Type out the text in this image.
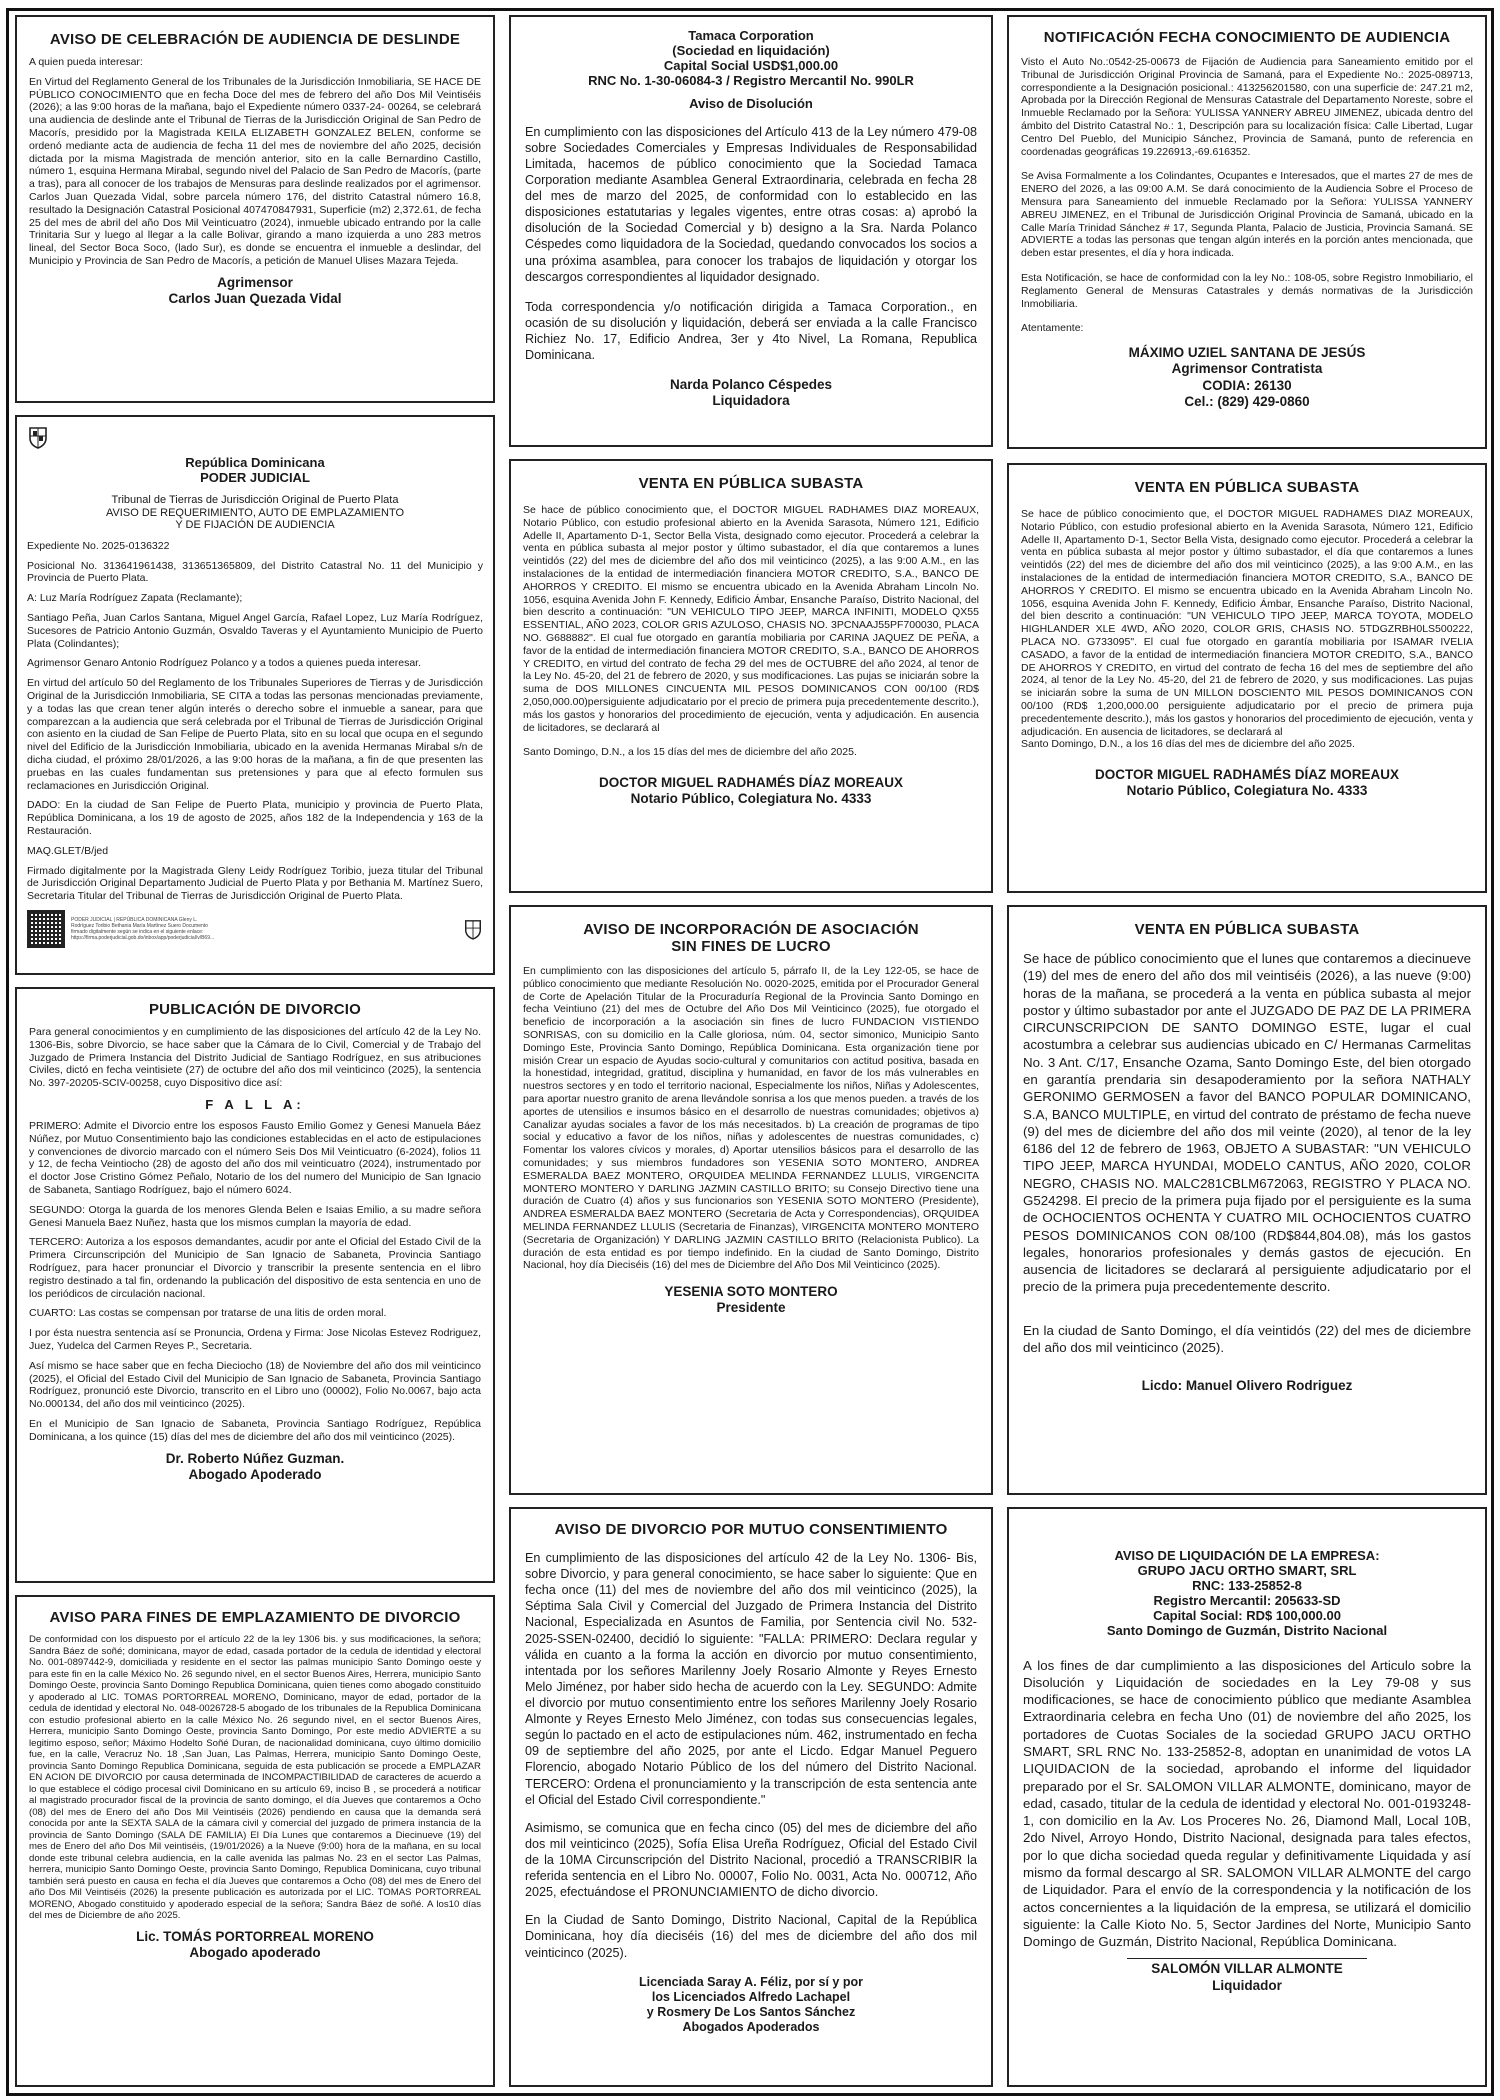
AVISO DE CELEBRACIÓN DE AUDIENCIA DE DESLINDE

A quien pueda interesar:

En Virtud del Reglamento General de los Tribunales de la Jurisdicción Inmobiliaria, SE HACE DE PÚBLICO CONOCIMIENTO que en fecha Doce del mes de febrero del año Dos Mil Veintiséis (2026); a las 9:00 horas de la mañana, bajo el Expediente número 0337-24- 00264, se celebrará una audiencia de deslinde ante el Tribunal de Tierras de la Jurisdicción Original de San Pedro de Macorís, presidido por la Magistrada KEILA ELIZABETH GONZALEZ BELEN, conforme se ordenó mediante acta de audiencia de fecha 11 del mes de noviembre del año 2025, decisión dictada por la misma Magistrada de mención anterior, sito en la calle Bernardino Castillo, número 1, esquina Hermana Mirabal, segundo nivel del Palacio de San Pedro de Macorís, (parte a tras), para all conocer de los trabajos de Mensuras para deslinde realizados por el agrimensor. Carlos Juan Quezada Vidal, sobre parcela número 176, del distrito Catastral número 16.8, resultado la Designación Catastral Posicional 407470847931, Superficie (m2) 2,372.61, de fecha 25 del mes de abril del año Dos Mil Veinticuatro (2024), inmueble ubicado entrando por la calle Trinitaria Sur y luego al llegar a la calle Bolivar, girando a mano izquierda a uno 283 metros lineal, del Sector Boca Soco, (lado Sur), es donde se encuentra el inmueble a deslindar, del Municipio y Provincia de San Pedro de Macorís, a petición de Manuel Ulises Mazara Tejeda.

Agrimensor
Carlos Juan Quezada Vidal
República Dominicana
PODER JUDICIAL
Tribunal de Tierras de Jurisdicción Original de Puerto Plata
AVISO DE REQUERIMIENTO, AUTO DE EMPLAZAMIENTO
Y DE FIJACIÓN DE AUDIENCIA

Expediente No. 2025-0136322

Posicional No. 313641961438, 313651365809, del Distrito Catastral No. 11 del Municipio y Provincia de Puerto Plata.

A: Luz María Rodríguez Zapata (Reclamante);

Santiago Peña, Juan Carlos Santana, Miguel Angel García, Rafael Lopez, Luz María Rodríguez, Sucesores de Patricio Antonio Guzmán, Osvaldo Taveras y el Ayuntamiento Municipio de Puerto Plata (Colindantes);

Agrimensor Genaro Antonio Rodríguez Polanco y a todos a quienes pueda interesar.

En virtud del artículo 50 del Reglamento de los Tribunales Superiores de Tierras y de Jurisdicción Original de la Jurisdicción Inmobiliaria, SE CITA a todas las personas mencionadas previamente, y a todas las que crean tener algún interés o derecho sobre el inmueble a sanear, para que comparezcan a la audiencia que será celebrada por el Tribunal de Tierras de Jurisdicción Original con asiento en la ciudad de San Felipe de Puerto Plata, sito en su local que ocupa en el segundo nivel del Edificio de la Jurisdicción Inmobiliaria, ubicado en la avenida Hermanas Mirabal s/n de dicha ciudad, el próximo 28/01/2026, a las 9:00 horas de la mañana, a fin de que presenten las pruebas en las cuales fundamentan sus pretensiones y para que al efecto formulen sus reclamaciones en Jurisdicción Original.

DADO: En la ciudad de San Felipe de Puerto Plata, municipio y provincia de Puerto Plata, República Dominicana, a los 19 de agosto de 2025, años 182 de la Independencia y 163 de la Restauración.

MAQ.GLET/B/jed

Firmado digitalmente por la Magistrada Gleny Leidy Rodríguez Toribio, jueza titular del Tribunal de Jurisdicción Original Departamento Judicial de Puerto Plata y por Bethania M. Martínez Suero, Secretaria Titular del Tribunal de Tierras de Jurisdicción Original de Puerto Plata.

PODER JUDICIAL | REPÚBLICA DOMINICANA Gleny L. Rodríguez Toribio Bethania María Martínez Suero Documento firmado digitalmente según se indica en el siguiente enlace: https://firma.poderjudicial.gob.do/inbox/app/poderjudicial/v/B69...
PUBLICACIÓN DE DIVORCIO

Para general conocimientos y en cumplimiento de las disposiciones del artículo 42 de la Ley No. 1306-Bis, sobre Divorcio, se hace saber que la Cámara de lo Civil, Comercial y de Trabajo del Juzgado de Primera Instancia del Distrito Judicial de Santiago Rodríguez, en sus atribuciones Civiles, dictó en fecha veintisiete (27) de octubre del año dos mil veinticinco (2025), la sentencia No. 397-20205-SCIV-00258, cuyo Dispositivo dice así:

F A L L A:

PRIMERO: Admite el Divorcio entre los esposos Fausto Emilio Gomez y Genesi Manuela Báez Núñez, por Mutuo Consentimiento bajo las condiciones establecidas en el acto de estipulaciones y convenciones de divorcio marcado con el número Seis Dos Mil Veinticuatro (6-2024), folios 11 y 12, de fecha Veintiocho (28) de agosto del año dos mil veinticuatro (2024), instrumentado por el doctor Jose Cristino Gómez Peñalo, Notario de los del numero del Municipio de San Ignacio de Sabaneta, Santiago Rodríguez, bajo el número 6024.

SEGUNDO: Otorga la guarda de los menores Glenda Belen e Isaias Emilio, a su madre señora Genesi Manuela Baez Nuñez, hasta que los mismos cumplan la mayoría de edad.

TERCERO: Autoriza a los esposos demandantes, acudir por ante el Oficial del Estado Civil de la Primera Circunscripción del Municipio de San Ignacio de Sabaneta, Provincia Santiago Rodríguez, para hacer pronunciar el Divorcio y transcribir la presente sentencia en el libro registro destinado a tal fin, ordenando la publicación del dispositivo de esta sentencia en uno de los periódicos de circulación nacional.

CUARTO: Las costas se compensan por tratarse de una litis de orden moral.

I por ésta nuestra sentencia así se Pronuncia, Ordena y Firma: Jose Nicolas Estevez Rodriguez, Juez, Yudelca del Carmen Reyes P., Secretaria.

Así mismo se hace saber que en fecha Dieciocho (18) de Noviembre del año dos mil veinticinco (2025), el Oficial del Estado Civil del Municipio de San Ignacio de Sabaneta, Provincia Santiago Rodríguez, pronunció este Divorcio, transcrito en el Libro uno (00002), Folio No.0067, bajo acta No.000134, del año dos mil veinticinco (2025).

En el Municipio de San Ignacio de Sabaneta, Provincia Santiago Rodríguez, República Dominicana, a los quince (15) días del mes de diciembre del año dos mil veinticinco (2025).

Dr. Roberto Núñez Guzman.
Abogado Apoderado
AVISO PARA FINES DE EMPLAZAMIENTO DE DIVORCIO

De conformidad con los dispuesto por el artículo 22 de la ley 1306 bis. y sus modificaciones, la señora; Sandra Báez de soñé; dominicana, mayor de edad, casada portador de la cedula de identidad y electoral No. 001-0897442-9, domiciliada y residente en el sector las palmas municipio Santo Domingo oeste y para este fin en la calle México No. 26 segundo nivel, en el sector Buenos Aires, Herrera, municipio Santo Domingo Oeste, provincia Santo Domingo Republica Dominicana, quien tienes como abogado constituido y apoderado al LIC. TOMAS PORTORREAL MORENO, Dominicano, mayor de edad, portador de la cedula de identidad y electoral No. 048-0026728-5 abogado de los tribunales de la Republica Dominicana con estudio profesional abierto en la calle México No. 26 segundo nivel, en el sector Buenos Aires, Herrera, municipio Santo Domingo Oeste, provincia Santo Domingo, Por este medio ADVIERTE a su legitimo esposo, señor; Máximo Hodelto Soñé Duran, de nacionalidad dominicana, cuyo último domicilio fue, en la calle, Veracruz No. 18 ,San Juan, Las Palmas, Herrera, municipio Santo Domingo Oeste, provincia Santo Domingo Republica Dominicana, seguida de esta publicación se procede a EMPLAZAR EN ACION DE DIVORCIO por causa determinada de INCOMPACTIBILIDAD de caracteres de acuerdo a lo que establece el código procesal civil Dominicano en su artículo 69, inciso B , se procederá a notificar al magistrado procurador fiscal de la provincia de santo domingo, el día Jueves que contaremos a Ocho (08) del mes de Enero del año Dos Mil Veintiséis (2026) pendiendo en causa que la demanda será conocida por ante la SEXTA SALA de la cámara civil y comercial del juzgado de primera instancia de la provincia de Santo Domingo (SALA DE FAMILIA) El Día Lunes que contaremos a Diecinueve (19) del mes de Enero del año Dos Mil veintiséis, (19/01/2026) a la Nueve (9:00) hora de la mañana, en su local donde este tribunal celebra audiencia, en la calle avenida las palmas No. 23 en el sector Las Palmas, herrera, municipio Santo Domingo Oeste, provincia Santo Domingo, Republica Dominicana, cuyo tribunal también será puesto en causa en fecha el día Jueves que contaremos a Ocho (08) del mes de Enero del año Dos Mil Veintiséis (2026) la presente publicación es autorizada por el LIC. TOMAS PORTORREAL MORENO, Abogado constituido y apoderado especial de la señora; Sandra Báez de soñé. A los10 días del mes de Diciembre de año 2025.

Lic. TOMÁS PORTORREAL MORENO
Abogado apoderado
Tamaca Corporation
(Sociedad en liquidación)
Capital Social USD$1,000.00
RNC No. 1-30-06084-3 / Registro Mercantil No. 990LR
Aviso de Disolución

En cumplimiento con las disposiciones del Artículo 413 de la Ley número 479-08 sobre Sociedades Comerciales y Empresas Individuales de Responsabilidad Limitada, hacemos de público conocimiento que la Sociedad Tamaca Corporation mediante Asamblea General Extraordinaria, celebrada en fecha 28 del mes de marzo del 2025, de conformidad con lo establecido en las disposiciones estatutarias y legales vigentes, entre otras cosas: a) aprobó la disolución de la Sociedad Comercial y b) designo a la Sra. Narda Polanco Céspedes como liquidadora de la Sociedad, quedando convocados los socios a una próxima asamblea, para conocer los trabajos de liquidación y otorgar los descargos correspondientes al liquidador designado.

Toda correspondencia y/o notificación dirigida a Tamaca Corporation., en ocasión de su disolución y liquidación, deberá ser enviada a la calle Francisco Richiez No. 17, Edificio Andrea, 3er y 4to Nivel, La Romana, Republica Dominicana.

Narda Polanco Céspedes
Liquidadora
VENTA EN PÚBLICA SUBASTA

Se hace de público conocimiento que, el DOCTOR MIGUEL RADHAMES DIAZ MOREAUX, Notario Público, con estudio profesional abierto en la Avenida Sarasota, Número 121, Edificio Adelle II, Apartamento D-1, Sector Bella Vista, designado como ejecutor. Procederá a celebrar la venta en pública subasta al mejor postor y último subastador, el día que contaremos a lunes veintidós (22) del mes de diciembre del año dos mil veinticinco (2025), a las 9:00 A.M., en las instalaciones de la entidad de intermediación financiera MOTOR CREDITO, S.A., BANCO DE AHORROS Y CREDITO. El mismo se encuentra ubicado en la Avenida Abraham Lincoln No. 1056, esquina Avenida John F. Kennedy, Edificio Ámbar, Ensanche Paraíso, Distrito Nacional, del bien descrito a continuación: "UN VEHICULO TIPO JEEP, MARCA INFINITI, MODELO QX55 ESSENTIAL, AÑO 2023, COLOR GRIS AZULOSO, CHASIS NO. 3PCNAAJ55PF700030, PLACA NO. G688882". El cual fue otorgado en garantía mobiliaria por CARINA JAQUEZ DE PEÑA, a favor de la entidad de intermediación financiera MOTOR CREDITO, S.A., BANCO DE AHORROS Y CREDITO, en virtud del contrato de fecha 29 del mes de OCTUBRE del año 2024, al tenor de la Ley No. 45-20, del 21 de febrero de 2020, y sus modificaciones. Las pujas se iniciarán sobre la suma de DOS MILLONES CINCUENTA MIL PESOS DOMINICANOS CON 00/100 (RD$ 2,050,000.00)persiguiente adjudicatario por el precio de primera puja precedentemente descrito.), más los gastos y honorarios del procedimiento de ejecución, venta y adjudicación. En ausencia de licitadores, se declarará al

Santo Domingo, D.N., a los 15 días del mes de diciembre del año 2025.

DOCTOR MIGUEL RADHAMÉS DÍAZ MOREAUX
Notario Público, Colegiatura No. 4333
AVISO DE INCORPORACIÓN DE ASOCIACIÓN
SIN FINES DE LUCRO

En cumplimiento con las disposiciones del artículo 5, párrafo II, de la Ley 122-05, se hace de público conocimiento que mediante Resolución No. 0020-2025, emitida por el Procurador General de Corte de Apelación Titular de la Procuraduría Regional de la Provincia Santo Domingo en fecha Veintiuno (21) del mes de Octubre del Año Dos Mil Veinticinco (2025), fue otorgado el beneficio de incorporación a la asociación sin fines de lucro FUNDACION VISTIENDO SONRISAS, con su domicilio en la Calle gloriosa, núm. 04, sector simonico, Municipio Santo Domingo Este, Provincia Santo Domingo, República Dominicana. Esta organización tiene por misión Crear un espacio de Ayudas socio-cultural y comunitarios con actitud positiva, basada en la honestidad, integridad, gratitud, disciplina y humanidad, en favor de los más vulnerables en nuestros sectores y en todo el territorio nacional, Especialmente los niños, Niñas y Adolescentes, para aportar nuestro granito de arena llevándole sonrisa a los que menos pueden. a través de los aportes de utensilios e insumos básico en el desarrollo de nuestras comunidades; objetivos a) Canalizar ayudas sociales a favor de los más necesitados. b) La creación de programas de tipo social y educativo a favor de los niños, niñas y adolescentes de nuestras comunidades, c) Fomentar los valores cívicos y morales, d) Aportar utensilios básicos para el desarrollo de las comunidades; y sus miembros fundadores son YESENIA SOTO MONTERO, ANDREA ESMERALDA BAEZ MONTERO, ORQUIDEA MELINDA FERNANDEZ LLULIS, VIRGENCITA MONTERO MONTERO Y DARLING JAZMIN CASTILLO BRITO; su Consejo Directivo tiene una duración de Cuatro (4) años y sus funcionarios son YESENIA SOTO MONTERO (Presidente), ANDREA ESMERALDA BAEZ MONTERO (Secretaria de Acta y Correspondencias), ORQUIDEA MELINDA FERNANDEZ LLULIS (Secretaria de Finanzas), VIRGENCITA MONTERO MONTERO (Secretaria de Organización) Y DARLING JAZMIN CASTILLO BRITO (Relacionista Publico). La duración de esta entidad es por tiempo indefinido. En la ciudad de Santo Domingo, Distrito Nacional, hoy día Dieciséis (16) del mes de Diciembre del Año Dos Mil Veinticinco (2025).

YESENIA SOTO MONTERO
Presidente
AVISO DE DIVORCIO POR MUTUO CONSENTIMIENTO

En cumplimiento de las disposiciones del artículo 42 de la Ley No. 1306- Bis, sobre Divorcio, y para general conocimiento, se hace saber lo siguiente: Que en fecha once (11) del mes de noviembre del año dos mil veinticinco (2025), la Séptima Sala Civil y Comercial del Juzgado de Primera Instancia del Distrito Nacional, Especializada en Asuntos de Familia, por Sentencia civil No. 532- 2025-SSEN-02400, decidió lo siguiente: "FALLA: PRIMERO: Declara regular y válida en cuanto a la forma la acción en divorcio por mutuo consentimiento, intentada por los señores Marilenny Joely Rosario Almonte y Reyes Ernesto Melo Jiménez, por haber sido hecha de acuerdo con la Ley. SEGUNDO: Admite el divorcio por mutuo consentimiento entre los señores Marilenny Joely Rosario Almonte y Reyes Ernesto Melo Jiménez, con todas sus consecuencias legales, según lo pactado en el acto de estipulaciones núm. 462, instrumentado en fecha 09 de septiembre del año 2025, por ante el Licdo. Edgar Manuel Peguero Florencio, abogado Notario Público de los del número del Distrito Nacional. TERCERO: Ordena el pronunciamiento y la transcripción de esta sentencia ante el Oficial del Estado Civil correspondiente."

Asimismo, se comunica que en fecha cinco (05) del mes de diciembre del año dos mil veinticinco (2025), Sofía Elisa Ureña Rodríguez, Oficial del Estado Civil de la 10MA Circunscripción del Distrito Nacional, procedió a TRANSCRIBIR la referida sentencia en el Libro No. 00007, Folio No. 0031, Acta No. 000712, Año 2025, efectuándose el PRONUNCIAMIENTO de dicho divorcio.

En la Ciudad de Santo Domingo, Distrito Nacional, Capital de la República Dominicana, hoy día dieciséis (16) del mes de diciembre del año dos mil veinticinco (2025).

Licenciada Saray A. Féliz, por sí y por
los Licenciados Alfredo Lachapel
y Rosmery De Los Santos Sánchez
Abogados Apoderados
NOTIFICACIÓN FECHA CONOCIMIENTO DE AUDIENCIA

Visto el Auto No.:0542-25-00673 de Fijación de Audiencia para Saneamiento emitido por el Tribunal de Jurisdicción Original Provincia de Samaná, para el Expediente No.: 2025-089713, correspondiente a la Designación posicional.: 413256201580, con una superficie de: 247.21 m2, Aprobada por la Dirección Regional de Mensuras Catastrale del Departamento Noreste, sobre el Inmueble Reclamado por la Señora: YULISSA YANNERY ABREU JIMENEZ, ubicada dentro del ámbito del Distrito Catastral No.: 1, Descripción para su localización física: Calle Libertad, Lugar Centro Del Pueblo, del Municipio Sánchez, Provincia de Samaná, punto de referencia en coordenadas geográficas 19.226913,-69.616352.

Se Avisa Formalmente a los Colindantes, Ocupantes e Interesados, que el martes 27 de mes de ENERO del 2026, a las 09:00 A.M. Se dará conocimiento de la Audiencia Sobre el Proceso de Mensura para Saneamiento del inmueble Reclamado por la Señora: YULISSA YANNERY ABREU JIMENEZ, en el Tribunal de Jurisdicción Original Provincia de Samaná, ubicado en la Calle María Trinidad Sánchez # 17, Segunda Planta, Palacio de Justicia, Provincia Samaná. SE ADVIERTE a todas las personas que tengan algún interés en la porción antes mencionada, que deben estar presentes, el día y hora indicada.

Esta Notificación, se hace de conformidad con la ley No.: 108-05, sobre Registro Inmobiliario, el Reglamento General de Mensuras Catastrales y demás normativas de la Jurisdicción Inmobiliaria.

Atentamente:

MÁXIMO UZIEL SANTANA DE JESÚS
Agrimensor Contratista
CODIA: 26130
Cel.: (829) 429-0860
VENTA EN PÚBLICA SUBASTA

Se hace de público conocimiento que, el DOCTOR MIGUEL RADHAMES DIAZ MOREAUX, Notario Público, con estudio profesional abierto en la Avenida Sarasota, Número 121, Edificio Adelle II, Apartamento D-1, Sector Bella Vista, designado como ejecutor. Procederá a celebrar la venta en pública subasta al mejor postor y último subastador, el día que contaremos a lunes veintidós (22) del mes de diciembre del año dos mil veinticinco (2025), a las 9:00 A.M., en las instalaciones de la entidad de intermediación financiera MOTOR CREDITO, S.A., BANCO DE AHORROS Y CREDITO. El mismo se encuentra ubicado en la Avenida Abraham Lincoln No. 1056, esquina Avenida John F. Kennedy, Edificio Ámbar, Ensanche Paraíso, Distrito Nacional, del bien descrito a continuación: "UN VEHICULO TIPO JEEP, MARCA TOYOTA, MODELO HIGHLANDER XLE 4WD, AÑO 2020, COLOR GRIS, CHASIS NO. 5TDGZRBH0LS500222, PLACA NO. G733095". El cual fue otorgado en garantía mobiliaria por ISAMAR IVELIA CASADO, a favor de la entidad de intermediación financiera MOTOR CREDITO, S.A., BANCO DE AHORROS Y CREDITO, en virtud del contrato de fecha 16 del mes de septiembre del año 2024, al tenor de la Ley No. 45-20, del 21 de febrero de 2020, y sus modificaciones. Las pujas se iniciarán sobre la suma de UN MILLON DOSCIENTO MIL PESOS DOMINICANOS CON 00/100 (RD$ 1,200,000.00 persiguiente adjudicatario por el precio de primera puja precedentemente descrito.), más los gastos y honorarios del procedimiento de ejecución, venta y adjudicación. En ausencia de licitadores, se declarará al

Santo Domingo, D.N., a los 16 días del mes de diciembre del año 2025.

DOCTOR MIGUEL RADHAMÉS DÍAZ MOREAUX
Notario Público, Colegiatura No. 4333
VENTA EN PÚBLICA SUBASTA

Se hace de público conocimiento que el lunes que contaremos a diecinueve (19) del mes de enero del año dos mil veintiséis (2026), a las nueve (9:00) horas de la mañana, se procederá a la venta en pública subasta al mejor postor y último subastador por ante el JUZGADO DE PAZ DE LA PRIMERA CIRCUNSCRIPCION DE SANTO DOMINGO ESTE, lugar el cual acostumbra a celebrar sus audiencias ubicado en C/ Hermanas Carmelitas No. 3 Ant. C/17, Ensanche Ozama, Santo Domingo Este, del bien otorgado en garantía prendaria sin desapoderamiento por la señora NATHALY GERONIMO GERMOSEN a favor del BANCO POPULAR DOMINICANO, S.A, BANCO MULTIPLE, en virtud del contrato de préstamo de fecha nueve (9) del mes de diciembre del año dos mil veinte (2020), al tenor de la ley 6186 del 12 de febrero de 1963, OBJETO A SUBASTAR: "UN VEHICULO TIPO JEEP, MARCA HYUNDAI, MODELO CANTUS, AÑO 2020, COLOR NEGRO, CHASIS NO. MALC281CBLM672063, REGISTRO Y PLACA NO. G524298. El precio de la primera puja fijado por el persiguiente es la suma de OCHOCIENTOS OCHENTA Y CUATRO MIL OCHOCIENTOS CUATRO PESOS DOMINICANOS CON 08/100 (RD$844,804.08), más los gastos legales, honorarios profesionales y demás gastos de ejecución. En ausencia de licitadores se declarará al persiguiente adjudicatario por el precio de la primera puja precedentemente descrito.

En la ciudad de Santo Domingo, el día veintidós (22) del mes de diciembre del año dos mil veinticinco (2025).

Licdo: Manuel Olivero Rodriguez
AVISO DE LIQUIDACIÓN DE LA EMPRESA:
GRUPO JACU ORTHO SMART, SRL
RNC: 133-25852-8
Registro Mercantil: 205633-SD
Capital Social: RD$ 100,000.00
Santo Domingo de Guzmán, Distrito Nacional

A los fines de dar cumplimiento a las disposiciones del Articulo sobre la Disolución y Liquidación de sociedades en la Ley 79-08 y sus modificaciones, se hace de conocimiento público que mediante Asamblea Extraordinaria celebra en fecha Uno (01) de noviembre del año 2025, los portadores de Cuotas Sociales de la sociedad GRUPO JACU ORTHO SMART, SRL RNC No. 133-25852-8, adoptan en unanimidad de votos LA LIQUIDACION de la sociedad, aprobando el informe del liquidador preparado por el Sr. SALOMON VILLAR ALMONTE, dominicano, mayor de edad, casado, titular de la cedula de identidad y electoral No. 001-0193248-1, con domicilio en la Av. Los Proceres No. 26, Diamond Mall, Local 10B, 2do Nivel, Arroyo Hondo, Distrito Nacional, designada para tales efectos, por lo que dicha sociedad queda regular y definitivamente Liquidada y así mismo da formal descargo al SR. SALOMON VILLAR ALMONTE del cargo de Liquidador. Para el envío de la correspondencia y la notificación de los actos concernientes a la liquidación de la empresa, se utilizará el domicilio siguiente: la Calle Kioto No. 5, Sector Jardines del Norte, Municipio Santo Domingo de Guzmán, Distrito Nacional, República Dominicana.

SALOMÓN VILLAR ALMONTE
Liquidador
